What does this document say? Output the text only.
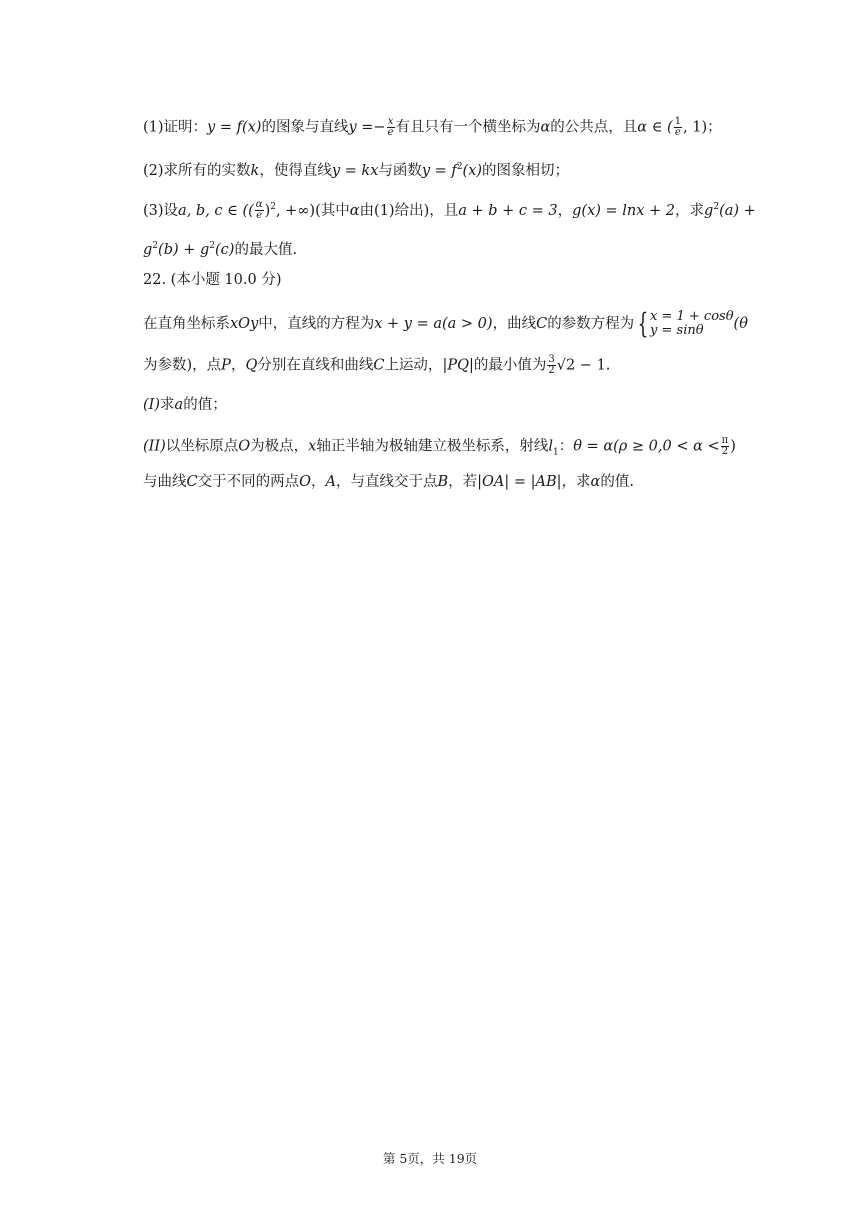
(1)证明：y = f(x)的图象与直线$y =- \frac{x}{e}$ 有且只有一个横坐标为α的公共点，且α ∈ ( $\frac{1}{e}$ , 1)；
(2)求所有的实数k，使得直线y = kx与函数$y = f^2(x)$的图象相切；
(3)设a, b, c ∈ (( $\frac{\alpha}{e} )^2$, +∞)(其中α由(1)给出)，且a + b + c = 3，g(x) = lnx + 2，求$g^2(a)$ +
$g^2(b) + g^2(c)$的最大值.
22. (本小题 10.0 分)
在直角坐标系xOy中，直线的方程为x + y = a(a > 0)，曲线C的参数方程为 { x = 1 + cosθ
y = sinθ	(θ
为参数)，点P，Q分别在直线和曲线C上运动，|PQ|的最小值为 $\frac{3}{2} √2 - 1$.
(I)求a的值；
(II)以坐标原点O为极点，x轴正半轴为极轴建立极坐标系，射线$l_1$：$\theta = \alpha(\rho \ge 0,0 < \alpha < \frac{\pi}{2}$ )
与曲线C交于不同的两点O，A，与直线交于点B，若|OA| = |AB|，求α的值.
第 5页，共 19页
